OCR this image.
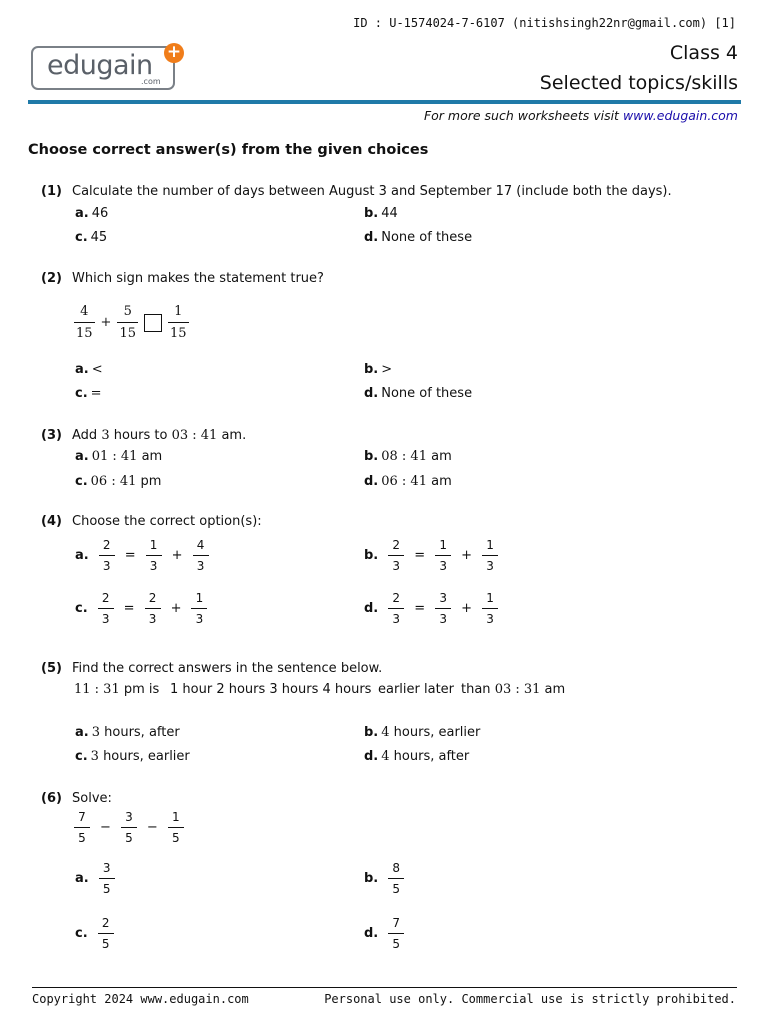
ID : U-1574024-7-6107 (nitishsingh22nr@gmail.com) [1]
edugain
.com
+	Class 4
Selected topics/skills
For more such worksheets visit www.edugain.com
Choose correct answer(s) from the given choices
(1) Calculate the number of days between August 3 and September 17 (include both the days).
a. 46	b. 44
c. 45	d. None of these
(2) Which sign makes the statement true?
$\frac{4}{15} + \frac{5}{15} \frac{1}{15}$
a. <	b. >
c. =	d. None of these
(3) Add 3 hours to 03 : 41 am.
a. 01 : 41 am	b. 08 : 41 am
c. 06 : 41 pm	d. 06 : 41 am
(4) Choose the correct option(s):
a. $\frac{2}{3} = \frac{1}{3} + \frac{4}{3}$	b. $\frac{2}{3} = \frac{1}{3} + \frac{1}{3}$
c. $\frac{2}{3} = \frac{2}{3} + \frac{1}{3}$	d. $\frac{2}{3} = \frac{3}{3} + \frac{1}{3}$
(5) Find the correct answers in the sentence below.
11 : 31 pm is 1 hour 2 hours 3 hours 4 hours earlier later than 03 : 31 am
a. 3 hours, after	b. 4 hours, earlier
c. 3 hours, earlier	d. 4 hours, after
(6) Solve:
$\frac{7}{5} - \frac{3}{5} - \frac{1}{5}$
a. $\frac{3}{5}$	b. $\frac{8}{5}$
c. $\frac{2}{5}$	d. $\frac{7}{5}$
Copyright 2024 www.edugain.com	Personal use only. Commercial use is strictly prohibited.
